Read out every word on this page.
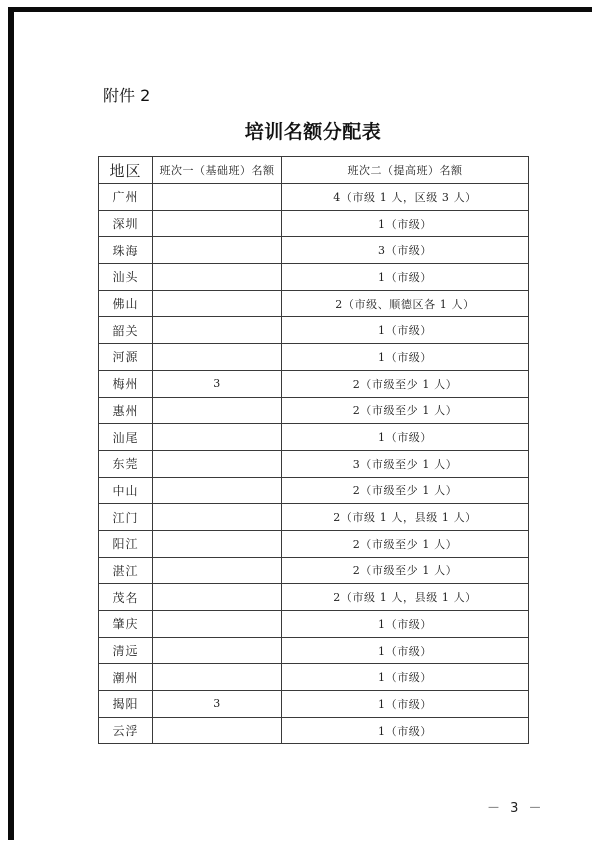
附件 2
培训名额分配表
地区	班次一（基础班）名额	班次二（提高班）名额
广州		4（市级 1 人，区级 3 人）
深圳		1（市级）
珠海		3（市级）
汕头		1（市级）
佛山		2（市级、顺德区各 1 人）
韶关		1（市级）
河源		1（市级）
梅州	3	2（市级至少 1 人）
惠州		2（市级至少 1 人）
汕尾		1（市级）
东莞		3（市级至少 1 人）
中山		2（市级至少 1 人）
江门		2（市级 1 人，县级 1 人）
阳江		2（市级至少 1 人）
湛江		2（市级至少 1 人）
茂名		2（市级 1 人，县级 1 人）
肇庆		1（市级）
清远		1（市级）
潮州		1（市级）
揭阳	3	1（市级）
云浮		1（市级）
－ 3 －
